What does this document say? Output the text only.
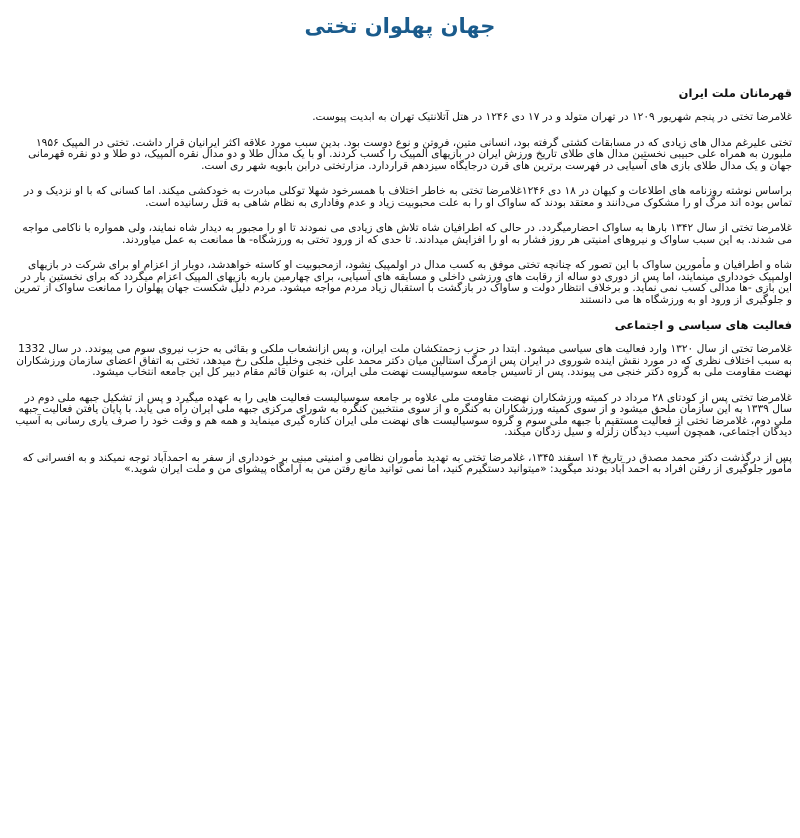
جهان پهلوان تختی
قهرمانان ملت ایران

غلامرضا تختی در پنجم شهریور ۱۲۰۹ در تهران متولد و در ۱۷ دی ۱۲۴۶ در هتل آتلانتیک تهران به ابدیت پیوست.

تختی علیرغم مدال های زیادی که در مسابقات کشتی گرفته بود، انسانی متین، فروتن و نوع دوست بود. بدین سبب مورد علاقه اکثر ایرانیان قرار داشت. تختی در المپیک ۱۹۵۶ ملبورن به همراه علی حبیبی نخستین مدال های طلای تاریخ ورزش ایران در بازیهای المپیک را کسب کردند. او با یک مدال طلا و دو مدال نقره المپیک، دو طلا و دو نقره قهرمانی جهان و یک مدال طلای بازی های آسیایی در فهرست برترین های قرن درجایگاه سیزدهم قراردارد. مزارتختی درابن بابویه شهر ری است.

براساس نوشته روزنامه های اطلاعات و کیهان در ۱۸ دی ۱۲۴۶غلامرضا تختی به خاطر اختلاف با همسرخود شهلا توکلی مبادرت به خودکشی میکند. اما کسانی که با او نزدیک و در تماس بوده اند مرگ او را مشکوک می‌دانند و معتقد بودند که ساواک او را به علت محبوبیت زیاد و عدم وفاداری به نظام شاهی به قتل رسانیده است.

غلامرضا تختی از سال ۱۳۴۲ بارها به ساواک احضارمیگردد. در حالی که اطرافیان شاه تلاش های زیادی می نمودند تا او را مجبور به دیدار شاه نمایند، ولی همواره با ناکامی مواجه می شدند. به این سبب ساواک و نیروهای امنیتی هر روز فشار به او را افزایش میدادند. تا حدی که از ورود تختی به ورزشگاه- ها ممانعت به عمل میاوردند.

شاه و اطرافیان و مأمورین ساواک با این تصور که چنانچه تختی موفق به کسب مدال در اولمپیک نشود، ازمحبوبیت او کاسته خواهدشد، دوبار از اعزام او برای شرکت در بازیهای اولمپیک خودداری مینمایند، اما پس از دوری دو ساله از رقابت های ورزشی داخلی و مسابقه های آسیایی، برای چهارمین باربه بازیهای المپیک اعزام میگردد که برای نخستین بار در این بازی -ها مدالی کسب نمی نماید. و برخلاف انتظار دولت و ساواک در بازگشت با استقبال زیاد مردم مواجه میشود. مردم دلیل شکست جهان پهلوان را ممانعت ساواک از تمرین و جلوگیری از ورود او به ورزشگاه ها می دانستند

فعالیت های سیاسی و اجتماعی

غلامرضا تختی از سال ۱۳۲۰ وارد فعالیت های سیاسی میشود. ابتدا در حزب زحمتکشان ملت ایران، و پس ازانشعاب ملکی و بقائی به حزب نیروی سوم می پیوندد. در سال 1332 به سبب اختلاف نظری که در مورد نقش اینده شوروی در ایران پس ازمرگ استالین میان دکتر محمد علی خنجی وخلیل ملکی رخ میدهد، تختی به اتفاق اعضای سازمان ورزشکاران نهضت مقاومت ملی به گروه دکتر خنجی می پیوندد. پس از تاسیس جامعه سوسیالیست نهضت ملی ایران، به عنوان قائم مقام دبیر کل این جامعه انتخاب میشود.

غلامرضا تختی پس از کودتای ۲۸ مرداد در کمیته ورزشکاران نهضت مقاومت ملی علاوه بر جامعه سوسیالیست فعالیت هایی را به عهده میگیرد و پس از تشکیل جبهه ملی دوم در سال ۱۳۳۹ به این سازمان ملحق میشود و از سوی کمیته ورزشکاران به کنگره و از سوی منتخبین کنگره به شورای مرکزی جبهه ملی ایران راه می یابد. با پایان یافتن فعالیت جبهه ملی دوم، غلامرضا تختی از فعالیت مستقیم با جبهه ملی سوم و گروه سوسیالیست های نهضت ملی ایران کناره گیری مینماید و همه هم و وقت خود را صرف یاری رسانی به آسیب دیدگان اجتماعی، همچون آسیب دیدگان زلزله و سیل زدگان میکند.

پس از درگذشت دکتر محمد مصدق در تاریخ ۱۴ اسفند ۱۳۴۵، غلامرضا تختی به تهدید مأموران نظامی و امنیتی مبنی بر خودداری از سفر به احمدآباد توجه نمیکند و به افسرانی که مأمور جلوگیری از رفتن افراد به احمد آباد بودند میگوید: «میتوانید دستگیرم کنید، اما نمی توانید مانع رفتن من به آرامگاه پیشوای من و ملت ایران شوید.»
